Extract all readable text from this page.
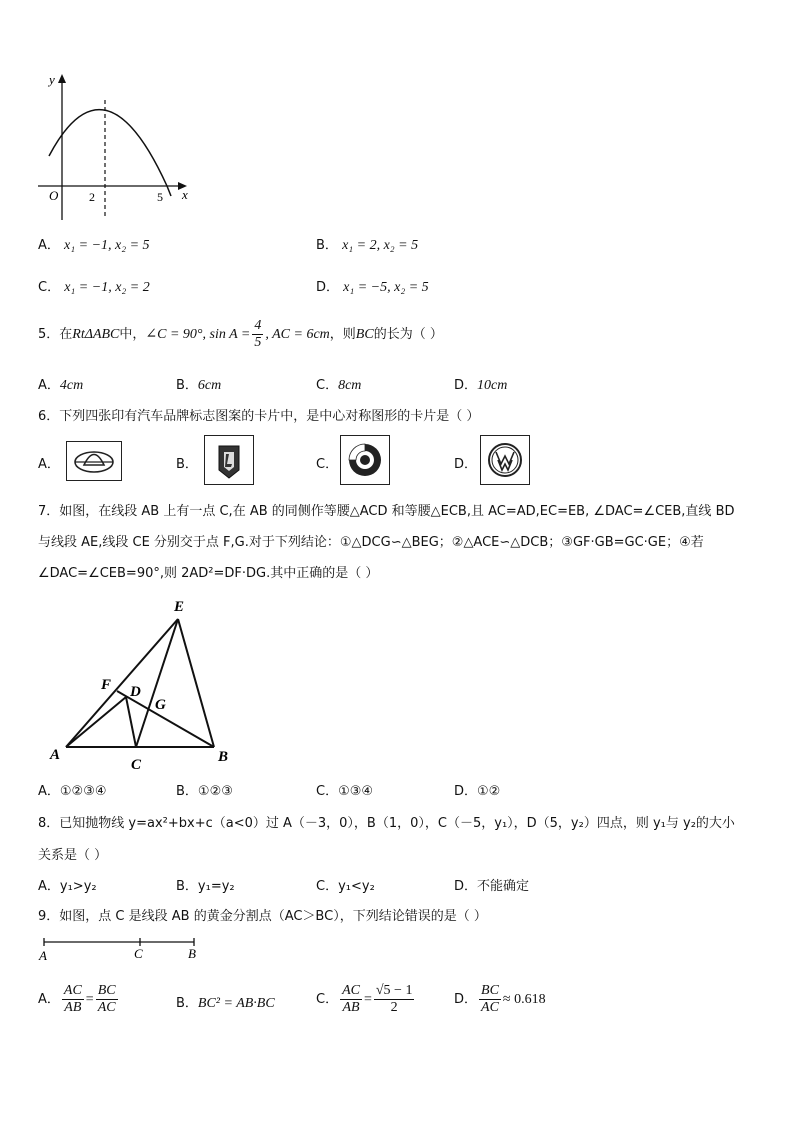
y
x
O	2	5
A． x₁ = −1, x₂ = 5	B． x₁ = 2, x₂ = 5
C． x₁ = −1, x₂ = 2	D． x₁ = −5, x₂ = 5
5．在RtΔABC中，∠C = 90°, $\sin A = \frac{4}{5}$ , AC = 6cm，则BC的长为（ ）
A．4cm	B．6cm	C．8cm	D．10cm
6．下列四张印有汽车品牌标志图案的卡片中，是中心对称图形的卡片是（ ）
A．	B．	C．	D．
7．如图，在线段 AB 上有一点 C,在 AB 的同侧作等腰△ACD 和等腰△ECB,且 AC=AD,EC=EB, ∠DAC=∠CEB,直线 BD
与线段 AE,线段 CE 分别交于点 F,G.对于下列结论：①△DCG∽△BEG；②△ACE∽△DCB；③GF·GB=GC·GE；④若
∠DAC=∠CEB=90°,则 2AD²=DF·DG.其中正确的是（ ）
E
F D
G
A	B
C
A．①②③④	B．①②③	C．①③④	D．①②
8．已知抛物线 y=ax²+bx+c（a<0）过 A（－3，0），B（1，0），C（－5，y₁），D（5，y₂）四点，则 y₁与 y₂的大小
关系是（ ）
A．y₁>y₂	B．y₁=y₂	C．y₁<y₂	D．不能确定
9．如图，点 C 是线段 AB 的黄金分割点（AC＞BC），下列结论错误的是（ ）
A	C	B
A． $\frac{AC}{AB} = \frac{BC}{AC}$	B．BC² = AB·BC	C． $\frac{AC}{AB} = \frac{√5 - 1}{2}$	D． $\frac{BC}{AC} \approx 0.618$
